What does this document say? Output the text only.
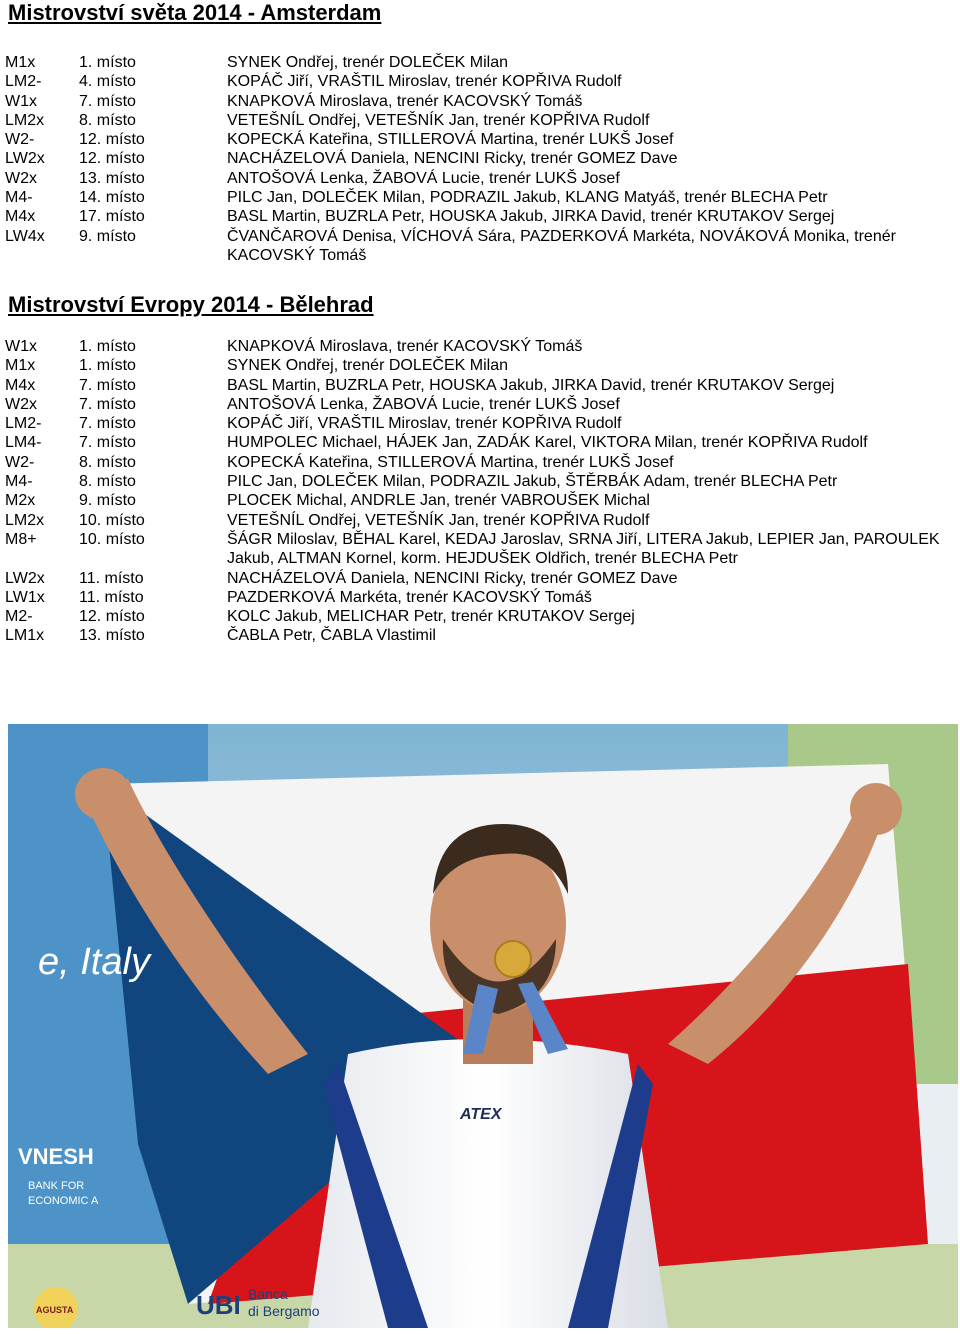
Mistrovství světa 2014 - Amsterdam
M1x	1. místo	SYNEK Ondřej, trenér DOLEČEK Milan
LM2-	4. místo	KOPÁČ Jiří, VRAŠTIL Miroslav, trenér KOPŘIVA Rudolf
W1x	7. místo	KNAPKOVÁ Miroslava, trenér KACOVSKÝ Tomáš
LM2x	8. místo	VETEŠNÍL Ondřej, VETEŠNÍK Jan, trenér KOPŘIVA Rudolf
W2-	12. místo	KOPECKÁ Kateřina, STILLEROVÁ Martina, trenér LUKŠ Josef
LW2x	12. místo	NACHÁZELOVÁ Daniela, NENCINI Ricky, trenér GOMEZ Dave
W2x	13. místo	ANTOŠOVÁ Lenka, ŽABOVÁ Lucie, trenér LUKŠ Josef
M4-	14. místo	PILC Jan, DOLEČEK Milan, PODRAZIL Jakub, KLANG Matyáš, trenér BLECHA Petr
M4x	17. místo	BASL Martin, BUZRLA Petr, HOUSKA Jakub, JIRKA David, trenér KRUTAKOV Sergej
LW4x	9. místo	ČVANČAROVÁ Denisa, VÍCHOVÁ Sára, PAZDERKOVÁ Markéta, NOVÁKOVÁ Monika, trenér KACOVSKÝ Tomáš
Mistrovství Evropy 2014 - Bělehrad
W1x	1. místo	KNAPKOVÁ Miroslava, trenér KACOVSKÝ Tomáš
M1x	1. místo	SYNEK Ondřej, trenér DOLEČEK Milan
M4x	7. místo	BASL Martin, BUZRLA Petr, HOUSKA Jakub, JIRKA David, trenér KRUTAKOV Sergej
W2x	7. místo	ANTOŠOVÁ Lenka, ŽABOVÁ Lucie, trenér LUKŠ Josef
LM2-	7. místo	KOPÁČ Jiří, VRAŠTIL Miroslav, trenér KOPŘIVA Rudolf
LM4-	7. místo	HUMPOLEC Michael, HÁJEK Jan, ZADÁK Karel, VIKTORA Milan, trenér KOPŘIVA Rudolf
W2-	8. místo	KOPECKÁ Kateřina, STILLEROVÁ Martina, trenér LUKŠ Josef
M4-	8. místo	PILC Jan, DOLEČEK Milan, PODRAZIL Jakub, ŠTĚRBÁK Adam, trenér BLECHA Petr
M2x	9. místo	PLOCEK Michal, ANDRLE Jan, trenér VABROUŠEK Michal
LM2x	10. místo	VETEŠNÍL Ondřej, VETEŠNÍK Jan, trenér KOPŘIVA Rudolf
M8+	10. místo	ŠÁGR Miloslav, BĚHAL Karel, KEDAJ Jaroslav, SRNA Jiří, LITERA Jakub, LEPIER Jan, PAROULEK Jakub, ALTMAN Kornel, korm. HEJDUŠEK Oldřich, trenér BLECHA Petr
LW2x	11. místo	NACHÁZELOVÁ Daniela, NENCINI Ricky, trenér GOMEZ Dave
LW1x	11. místo	PAZDERKOVÁ Markéta, trenér KACOVSKÝ Tomáš
M2-	12. místo	KOLC Jakub, MELICHAR Petr, trenér KRUTAKOV Sergej
LM1x	13. místo	ČABLA Petr, ČABLA Vlastimil
e, Italy
VNESH
BANK FOR
ECONOMIC A
ATEX
UBI Banca
di Bergamo
AGUSTA
